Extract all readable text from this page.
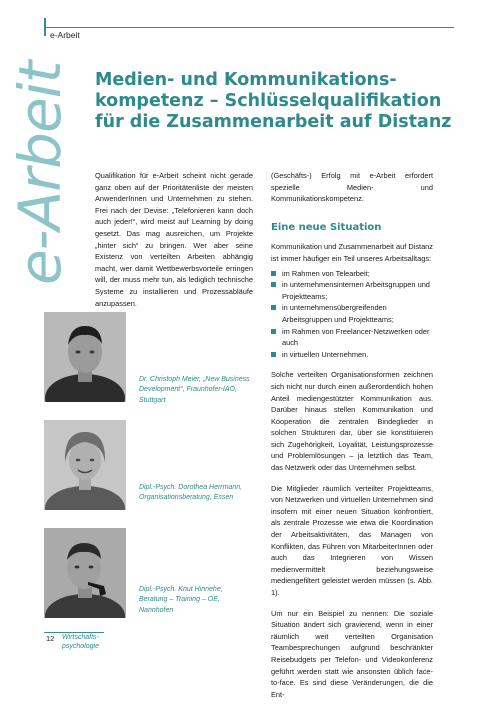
e-Arbeit
e-Arbeit Medien- und Kommunikations-kompetenz – Schlüsselqualifikation für die Zusammenarbeit auf Distanz

Qualifikation für e-Arbeit scheint nicht gerade ganz oben auf der Prioritätenliste der meisten AnwenderInnen und Unternehmen zu stehen. Frei nach der Devise: „Telefonieren kann doch auch jeder!“, wird meist auf Learning by doing gesetzt. Das mag ausreichen, um Projekte „hinter sich“ zu bringen. Wer aber seine Existenz von verteilten Arbeiten abhängig macht, wer damit Wettbewerbsvorteile erringen will, der muss mehr tun, als lediglich technische Systeme zu installieren und Prozessabläufe anzupassen.

(Geschäfts-) Erfolg mit e-Arbeit erfordert spezielle Medien- und Kommunikationskompetenz.

Eine neue Situation

Kommunikation und Zusammenarbeit auf Distanz ist immer häufiger ein Teil unseres Arbeitsalltags:

im Rahmen von Telearbeit;
in unternehmensinternen Arbeitsgruppen und Projektteams;
in unternehmensübergreifenden Arbeitsgruppen und Projektteams;
im Rahmen von Freelancer-Netzwerken oder auch
in virtuellen Unternehmen.

Solche verteilten Organisationsformen zeichnen sich nicht nur durch einen außerordentlich hohen Anteil mediengestützter Kommunikation aus. Darüber hinaus stellen Kommunikation und Kooperation die zentralen Bindeglieder in solchen Strukturen dar, über sie konstituieren sich Zugehörigkeit, Loyalität, Leistungsprozesse und Problemlösungen – ja letztlich das Team, das Netzwerk oder das Unternehmen selbst.

Die Mitglieder räumlich verteilter Projektteams, von Netzwerken und virtuellen Unternehmen sind insofern mit einer neuen Situation konfrontiert, als zentrale Prozesse wie etwa die Koordination der Arbeitsaktivitäten, das Managen von Konflikten, das Führen von MitarbeiterInnen oder auch das Integrieren von Wissen medienvermittelt beziehungsweise mediengefiltert geleistet werden müssen (s. Abb. 1).

Um nur ein Beispiel zu nennen: Die soziale Situation ändert sich gravierend, wenn in einer räumlich weit verteilten Organisation Teambesprechungen aufgrund beschränkter Reisebudgets per Telefon- und Videokonferenz geführt werden statt wie ansonsten üblich face-to-face. Es sind diese Veränderungen, die die Ent-

Dr. Christoph Meier, „New Business Development“, Fraunhofer-IAO, Stuttgart
Dipl.-Psych. Dorothea Herrmann, Organisationsberatung, Essen
Dipl.-Psych. Knut Hinnehe, Beratung – Training – OE, Nannhofen
12 Wirtschafts-
psychologie
